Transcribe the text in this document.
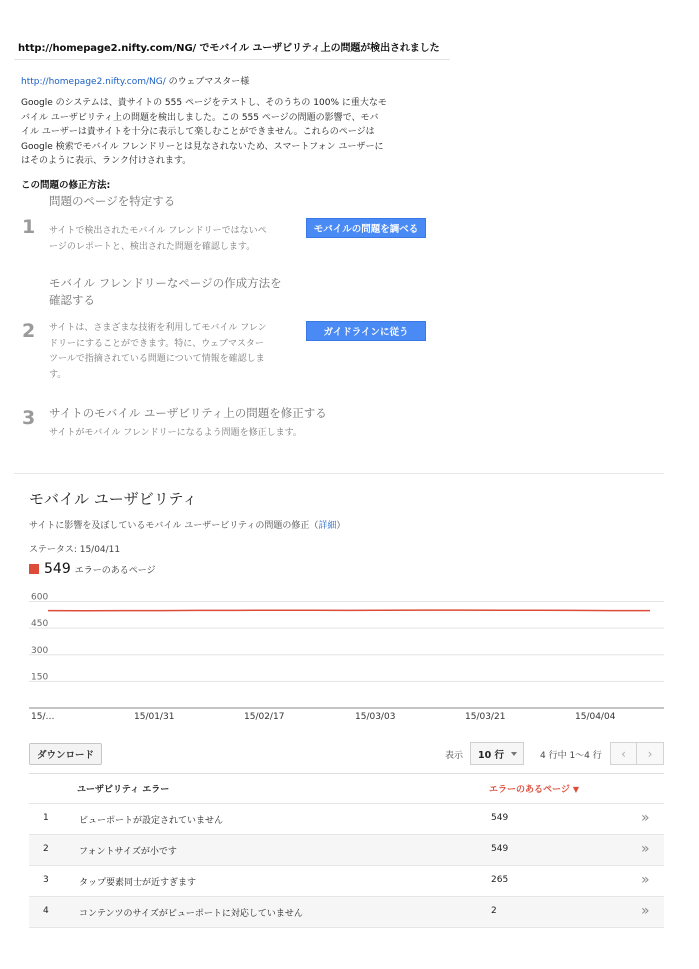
http://homepage2.nifty.com/NG/ でモバイル ユーザビリティ上の問題が検出されました
http://homepage2.nifty.com/NG/ のウェブマスター様
Google のシステムは、貴サイトの 555 ページをテストし、そのうちの 100% に重大なモ
バイル ユーザビリティ上の問題を検出しました。この 555 ページの問題の影響で、モバ
イル ユーザーは貴サイトを十分に表示して楽しむことができません。これらのページは
Google 検索でモバイル フレンドリーとは見なされないため、スマートフォン ユーザーに
はそのように表示、ランク付けされます。
この問題の修正方法:
1
問題のページを特定する
サイトで検出されたモバイル フレンドリーではないペ
ージのレポートと、検出された問題を確認します。
モバイルの問題を調べる
モバイル フレンドリーなページの作成方法を
確認する
2 サイトは、さまざまな技術を利用してモバイル フレン
ドリーにすることができます。特に、ウェブマスター
ツールで指摘されている問題について情報を確認しま
す。
ガイドラインに従う
3 サイトのモバイル ユーザビリティ上の問題を修正する
サイトがモバイル フレンドリーになるよう問題を修正します。
モバイル ユーザビリティ
サイトに影響を及ぼしているモバイル ユーザービリティの問題の修正（詳細）
ステータス: 15/04/11
549 エラーのあるページ
600
450
300
150
15/…	15/01/31	15/02/17	15/03/03	15/03/21	15/04/04
ダウンロード	表示 10 行	4 行中 1〜4 行 ‹ ›
ユーザビリティ エラー	エラーのあるページ ▼
1	ビューポートが設定されていません	549	»
2	フォントサイズが小です	549	»
3	タップ要素同士が近すぎます	265	»
4	コンテンツのサイズがビューポートに対応していません	2	»
